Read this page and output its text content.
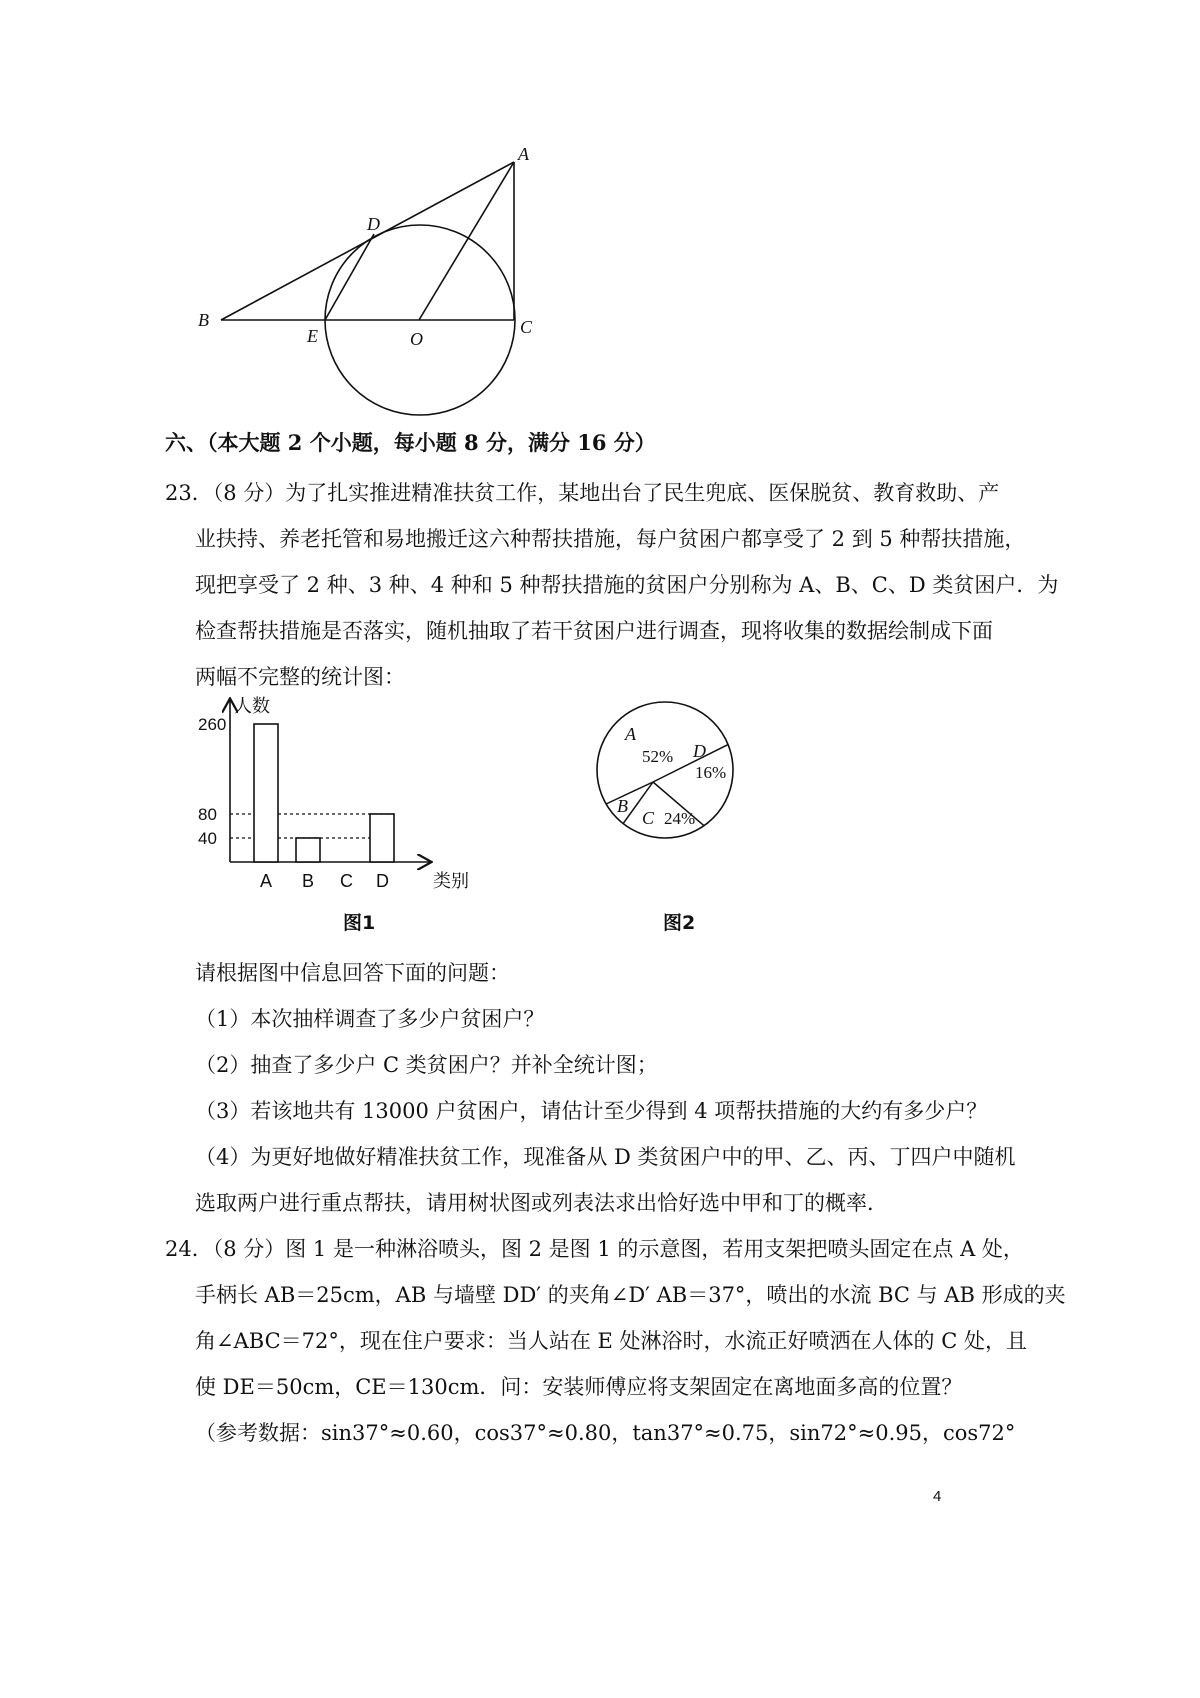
A
B	C
D
E	O
六、（本大题 2 个小题，每小题 8 分，满分 16 分）
23．（8 分）为了扎实推进精准扶贫工作，某地出台了民生兜底、医保脱贫、教育救助、产
业扶持、养老托管和易地搬迁这六种帮扶措施，每户贫困户都享受了 2 到 5 种帮扶措施，
现把享受了 2 种、3 种、4 种和 5 种帮扶措施的贫困户分别称为 A、B、C、D 类贫困户．为
检查帮扶措施是否落实，随机抽取了若干贫困户进行调查，现将收集的数据绘制成下面
两幅不完整的统计图：
人数
类别
40
80
260
A B C D
图1
A
52%
B
C 24%
D
16%
图2
请根据图中信息回答下面的问题：
（1）本次抽样调查了多少户贫困户？
（2）抽查了多少户 C 类贫困户？并补全统计图；
（3）若该地共有 13000 户贫困户，请估计至少得到 4 项帮扶措施的大约有多少户？
（4）为更好地做好精准扶贫工作，现准备从 D 类贫困户中的甲、乙、丙、丁四户中随机
选取两户进行重点帮扶，请用树状图或列表法求出恰好选中甲和丁的概率．
24．（8 分）图 1 是一种淋浴喷头，图 2 是图 1 的示意图，若用支架把喷头固定在点 A 处，
手柄长 AB＝25cm，AB 与墙壁 DD′ 的夹角∠D′ AB＝37°，喷出的水流 BC 与 AB 形成的夹
角∠ABC＝72°，现在住户要求：当人站在 E 处淋浴时，水流正好喷洒在人体的 C 处，且
使 DE＝50cm，CE＝130cm．问：安装师傅应将支架固定在离地面多高的位置？
（参考数据：sin37°≈0.60，cos37°≈0.80，tan37°≈0.75，sin72°≈0.95，cos72°
4
